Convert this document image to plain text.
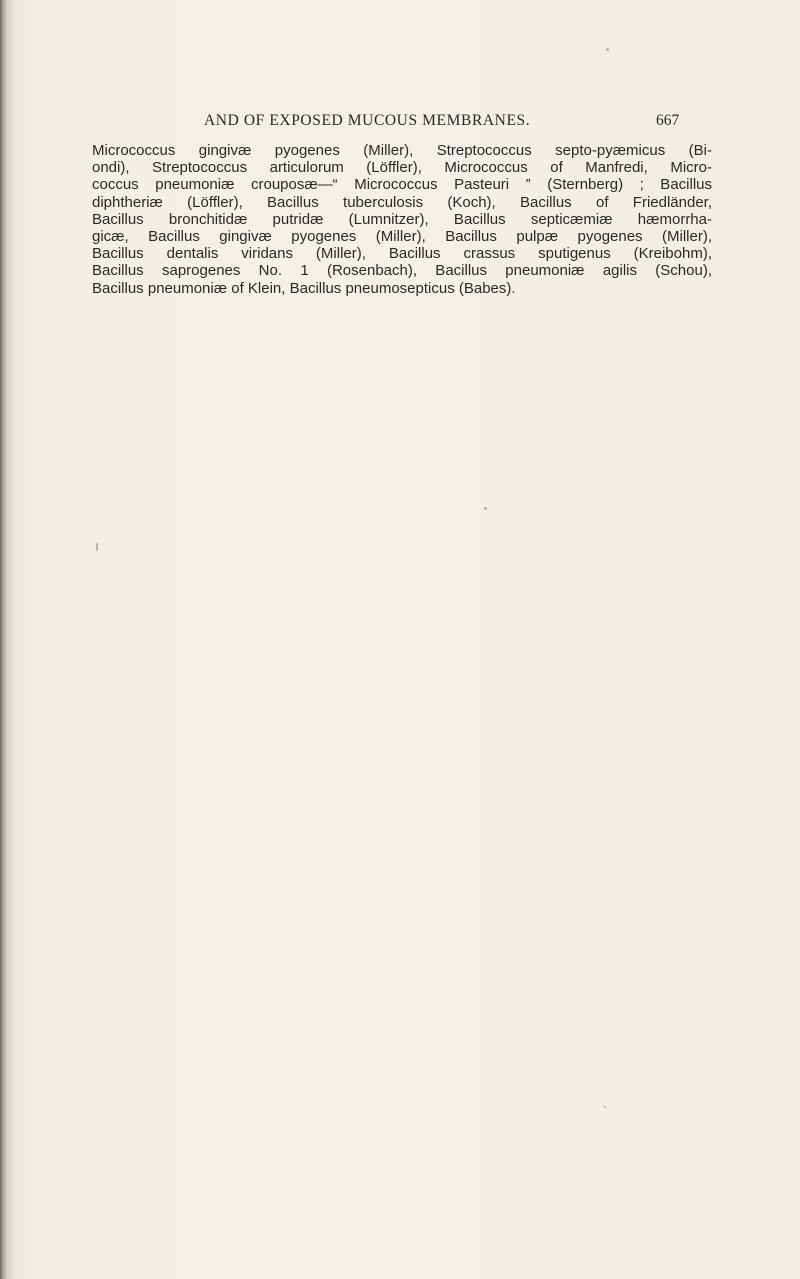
AND OF EXPOSED MUCOUS MEMBRANES.	667
Micrococcus gingivæ pyogenes (Miller), Streptococcus septo-pyæmicus (Bi-
ondi), Streptococcus articulorum (Löffler), Micrococcus of Manfredi, Micro-
coccus pneumoniæ crouposæ—“ Micrococcus Pasteuri ” (Sternberg) ; Bacillus
diphtheriæ (Löffler), Bacillus tuberculosis (Koch), Bacillus of Friedländer,
Bacillus bronchitidæ putridæ (Lumnitzer), Bacillus septicæmiæ hæmorrha-
gicæ, Bacillus gingivæ pyogenes (Miller), Bacillus pulpæ pyogenes (Miller),
Bacillus dentalis viridans (Miller), Bacillus crassus sputigenus (Kreibohm),
Bacillus saprogenes No. 1 (Rosenbach), Bacillus pneumoniæ agilis (Schou),
Bacillus pneumoniæ of Klein, Bacillus pneumosepticus (Babes).
